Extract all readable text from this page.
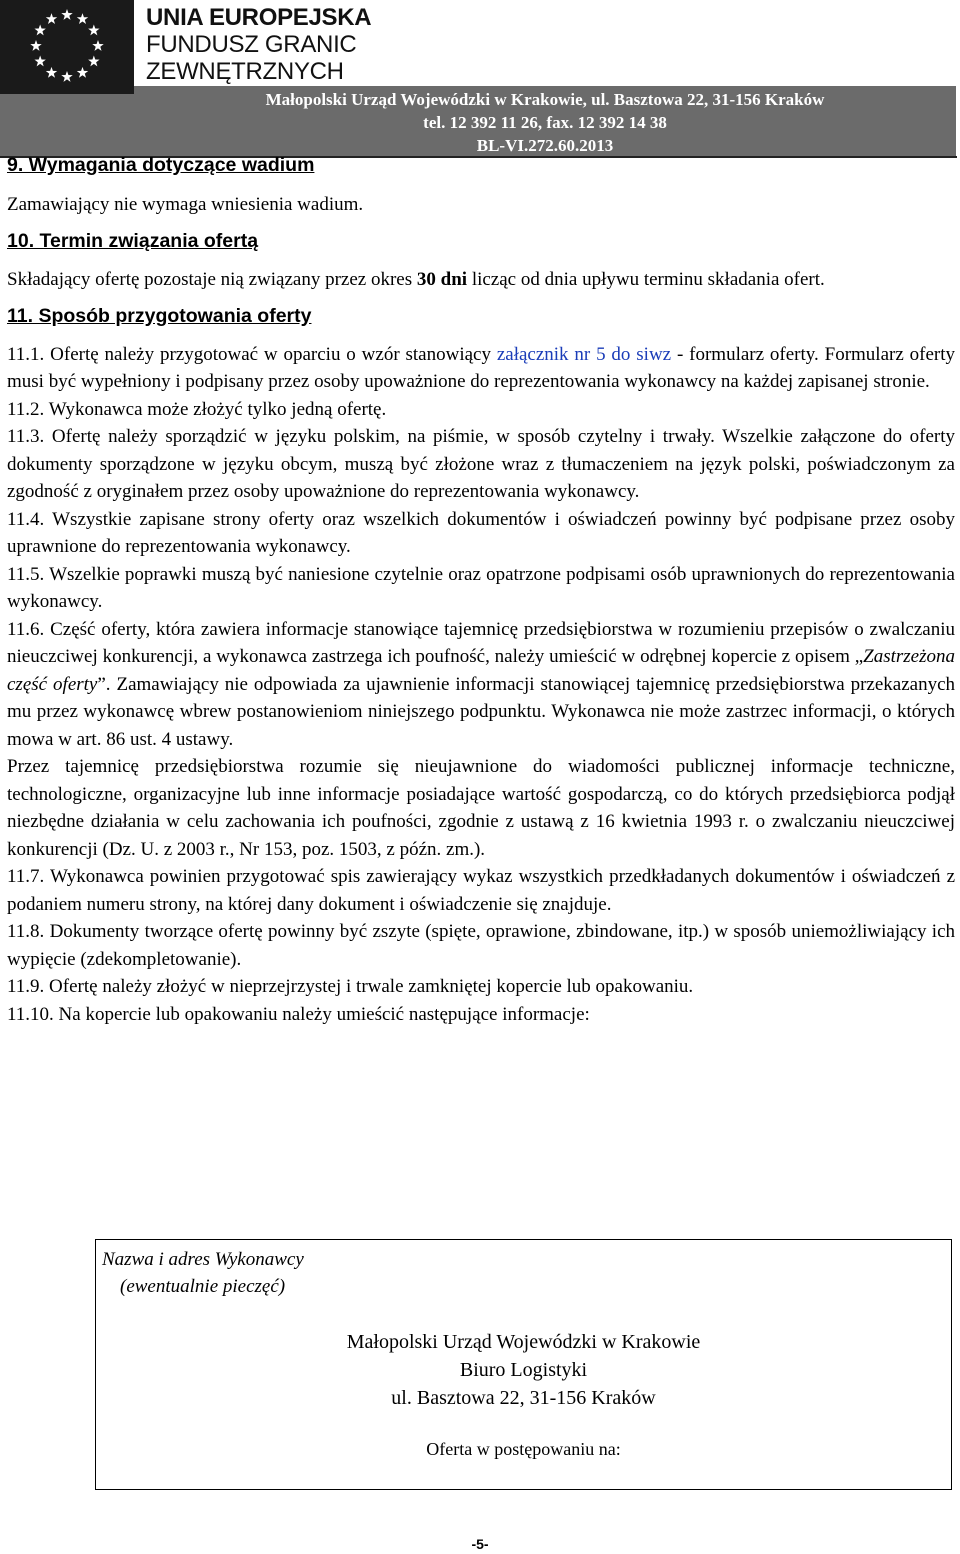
UNIA EUROPEJSKA
FUNDUSZ GRANIC
ZEWNĘTRZNYCH
Małopolski Urząd Wojewódzki w Krakowie, ul. Basztowa 22, 31-156 Kraków
tel. 12 392 11 26, fax. 12 392 14 38
BL-VI.272.60.2013

9. Wymagania dotyczące wadium

Zamawiający nie wymaga wniesienia wadium.

10. Termin związania ofertą

Składający ofertę pozostaje nią związany przez okres 30 dni licząc od dnia upływu terminu składania ofert.

11. Sposób przygotowania oferty

11.1. Ofertę należy przygotować w oparciu o wzór stanowiący załącznik nr 5 do siwz - formularz oferty. Formularz oferty musi być wypełniony i podpisany przez osoby upoważnione do reprezentowania wykonawcy na każdej zapisanej stronie.

11.2. Wykonawca może złożyć tylko jedną ofertę.

11.3. Ofertę należy sporządzić w języku polskim, na piśmie, w sposób czytelny i trwały. Wszelkie załączone do oferty dokumenty sporządzone w języku obcym, muszą być złożone wraz z tłumaczeniem na język polski, poświadczonym za zgodność z oryginałem przez osoby upoważnione do reprezentowania wykonawcy.

11.4. Wszystkie zapisane strony oferty oraz wszelkich dokumentów i oświadczeń powinny być podpisane przez osoby uprawnione do reprezentowania wykonawcy.

11.5. Wszelkie poprawki muszą być naniesione czytelnie oraz opatrzone podpisami osób uprawnionych do reprezentowania wykonawcy.

11.6. Część oferty, która zawiera informacje stanowiące tajemnicę przedsiębiorstwa w rozumieniu przepisów o zwalczaniu nieuczciwej konkurencji, a wykonawca zastrzega ich poufność, należy umieścić w odrębnej kopercie z opisem „Zastrzeżona część oferty”. Zamawiający nie odpowiada za ujawnienie informacji stanowiącej tajemnicę przedsiębiorstwa przekazanych mu przez wykonawcę wbrew postanowieniom niniejszego podpunktu. Wykonawca nie może zastrzec informacji, o których mowa w art. 86 ust. 4 ustawy.

Przez tajemnicę przedsiębiorstwa rozumie się nieujawnione do wiadomości publicznej informacje techniczne, technologiczne, organizacyjne lub inne informacje posiadające wartość gospodarczą, co do których przedsiębiorca podjął niezbędne działania w celu zachowania ich poufności, zgodnie z ustawą z 16 kwietnia 1993 r. o zwalczaniu nieuczciwej konkurencji (Dz. U. z 2003 r., Nr 153, poz. 1503, z późn. zm.).

11.7. Wykonawca powinien przygotować spis zawierający wykaz wszystkich przedkładanych dokumentów i oświadczeń z podaniem numeru strony, na której dany dokument i oświadczenie się znajduje.

11.8. Dokumenty tworzące ofertę powinny być zszyte (spięte, oprawione, zbindowane, itp.) w sposób uniemożliwiający ich wypięcie (zdekompletowanie).

11.9. Ofertę należy złożyć w nieprzejrzystej i trwale zamkniętej kopercie lub opakowaniu.

11.10. Na kopercie lub opakowaniu należy umieścić następujące informacje:

Nazwa i adres Wykonawcy
(ewentualnie pieczęć)
Małopolski Urząd Wojewódzki w Krakowie
Biuro Logistyki
ul. Basztowa 22, 31-156 Kraków
Oferta w postępowaniu na:
-5-
